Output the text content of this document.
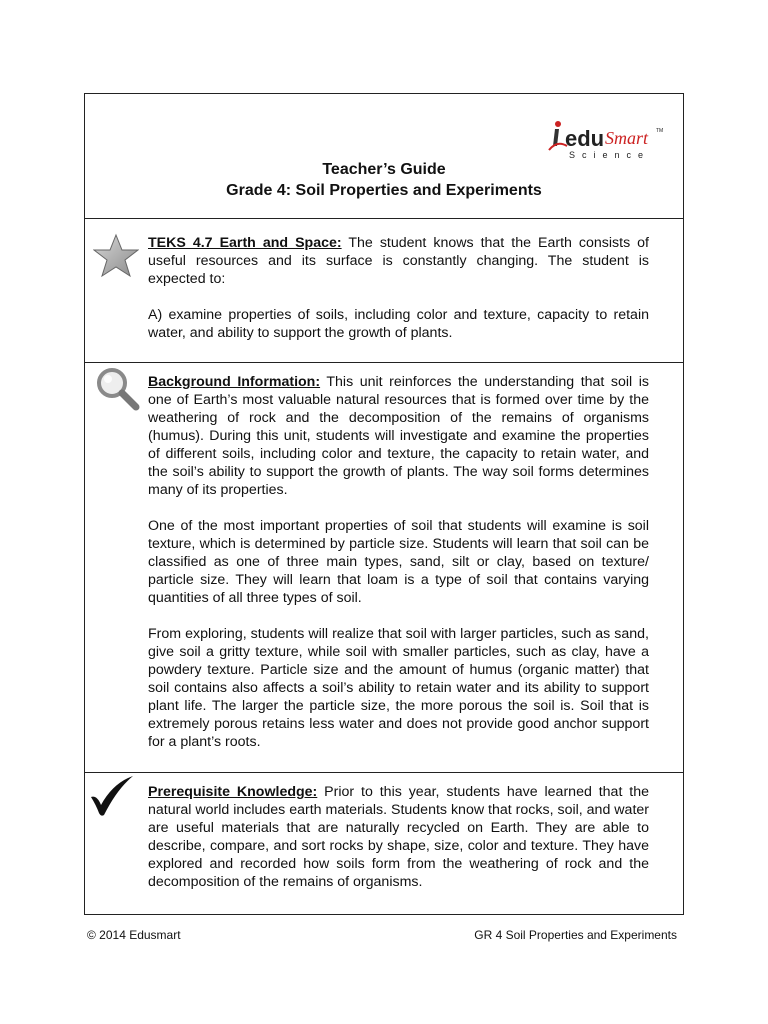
edu Smart TM
Science
Teacher’s Guide
Grade 4: Soil Properties and Experiments

TEKS 4.7 Earth and Space: The student knows that the Earth consists of useful resources and its surface is constantly changing. The student is expected to:

A) examine properties of soils, including color and texture, capacity to retain water, and ability to support the growth of plants.

Background Information: This unit reinforces the understanding that soil is one of Earth’s most valuable natural resources that is formed over time by the weathering of rock and the decomposition of the remains of organisms (humus). During this unit, students will investigate and examine the properties of different soils, including color and texture, the capacity to retain water, and the soil’s ability to support the growth of plants. The way soil forms determines many of its properties.

One of the most important properties of soil that students will examine is soil texture, which is determined by particle size. Students will learn that soil can be classified as one of three main types, sand, silt or clay, based on texture/ particle size. They will learn that loam is a type of soil that contains varying quantities of all three types of soil.

From exploring, students will realize that soil with larger particles, such as sand, give soil a gritty texture, while soil with smaller particles, such as clay, have a powdery texture. Particle size and the amount of humus (organic matter) that soil contains also affects a soil’s ability to retain water and its ability to support plant life. The larger the particle size, the more porous the soil is. Soil that is extremely porous retains less water and does not provide good anchor support for a plant’s roots.

Prerequisite Knowledge: Prior to this year, students have learned that the natural world includes earth materials. Students know that rocks, soil, and water are useful materials that are naturally recycled on Earth. They are able to describe, compare, and sort rocks by shape, size, color and texture. They have explored and recorded how soils form from the weathering of rock and the decomposition of the remains of organisms.

© 2014 Edusmart	GR 4 Soil Properties and Experiments
